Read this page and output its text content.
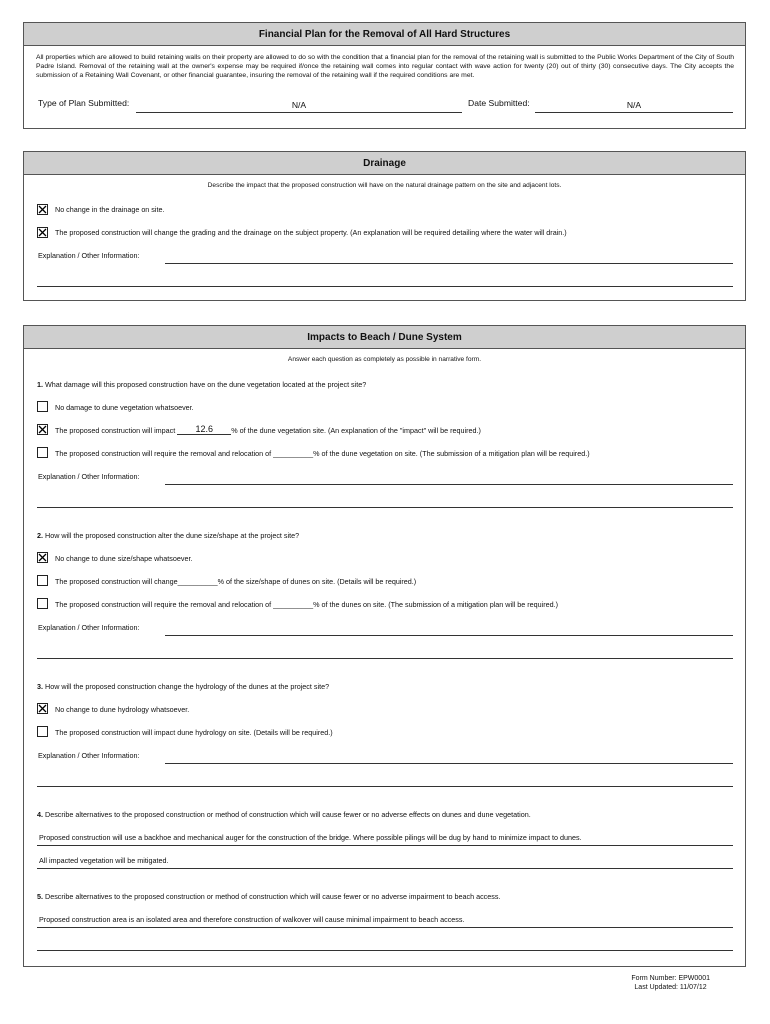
Financial Plan for the Removal of All Hard Structures
All properties which are allowed to build retaining walls on their property are allowed to do so with the condition that a financial plan for the removal of the retaining wall is submitted to the Public Works Department of the City of South Padre Island. Removal of the retaining wall at the owner's expense may be required if/once the retaining wall comes into regular contact with wave action for twenty (20) out of thirty (30) consecutive days. The City accepts the submission of a Retaining Wall Covenant, or other financial guarantee, insuring the removal of the retaining wall if the required conditions are met.
Type of Plan Submitted:	N/A	Date Submitted:	N/A
Drainage
Describe the impact that the proposed construction will have on the natural drainage pattern on the site and adjacent lots.
No change in the drainage on site.
The proposed construction will change the grading and the drainage on the subject property. (An explanation will be required detailing where the water will drain.)
Explanation / Other Information:
Impacts to Beach / Dune System
Answer each question as completely as possible in narrative form.
1. What damage will this proposed construction have on the dune vegetation located at the project site?
No damage to dune vegetation whatsoever.
The proposed construction will impact 12.6	% of the dune vegetation site. (An explanation of the "impact" will be required.)
The proposed construction will require the removal and relocation of __________% of the dune vegetation on site. (The submission of a mitigation plan will be required.)
Explanation / Other Information:
2. How will the proposed construction alter the dune size/shape at the project site?
No change to dune size/shape whatsoever.
The proposed construction will change__________% of the size/shape of dunes on site. (Details will be required.)
The proposed construction will require the removal and relocation of __________% of the dunes on site. (The submission of a mitigation plan will be required.)
Explanation / Other Information:
3. How will the proposed construction change the hydrology of the dunes at the project site?
No change to dune hydrology whatsoever.
The proposed construction will impact dune hydrology on site. (Details will be required.)
Explanation / Other Information:
4. Describe alternatives to the proposed construction or method of construction which will cause fewer or no adverse effects on dunes and dune vegetation.
Proposed construction will use a backhoe and mechanical auger for the construction of the bridge. Where possible pilings will be dug by hand to minimize impact to dunes.
All impacted vegetation will be mitigated.
5. Describe alternatives to the proposed construction or method of construction which will cause fewer or no adverse impairment to beach access.
Proposed construction area is an isolated area and therefore construction of walkover will cause minimal impairment to beach access.
Form Number: EPW0001
Last Updated: 11/07/12
